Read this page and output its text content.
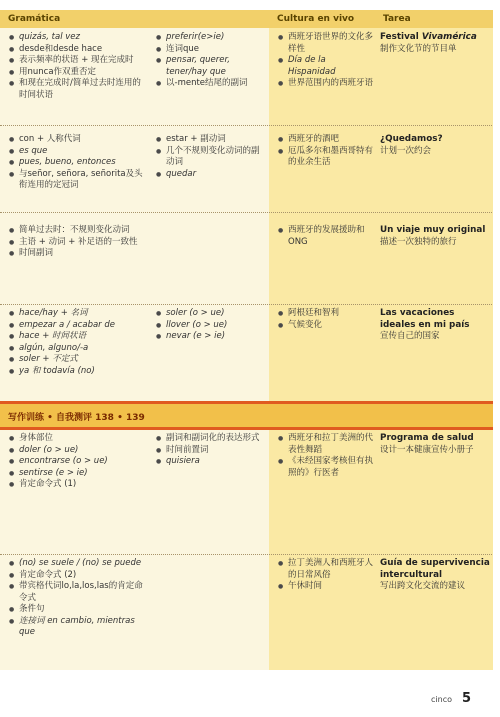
Gramática	Cultura en vivo	Tarea
● quizás, tal vez
● desde和desde hace
● 表示频率的状语 + 现在完成时
● 用nunca作双重否定
● 和现在完成时/简单过去时连用的时间状语
● preferir(e>ie)
● 连词que
● pensar, querer, tener/hay que
● 以-mente结尾的副词
● 西班牙语世界的文化多样性
● Día de la Hispanidad
● 世界范围内的西班牙语
Festival Vivamérica
制作文化节的节目单
● con + 人称代词
● es que
● pues, bueno, entonces
● 与señor, señora, señorita及头衔连用的定冠词
● estar + 副动词
● 几个不规则变化动词的副动词
● quedar
● 西班牙的酒吧
● 厄瓜多尔和墨西哥特有的业余生活
¿Quedamos?
计划一次约会
● 简单过去时：不规则变化动词
● 主语 + 动词 + 补足语的一致性
● 时间副词
● 西班牙的发展援助和ONG
Un viaje muy original
描述一次独特的旅行
● hace/hay + 名词
● empezar a / acabar de
● hace + 时间状语
● algún, alguno/-a
● soler + 不定式
● ya 和 todavía (no)
● soler (o > ue)
● llover (o > ue)
● nevar (e > ie)
● 阿根廷和智利
● 气候变化
Las vacaciones ideales en mi país
宣传自己的国家
写作训练 • 自我测评 138 • 139
● 身体部位
● doler (o > ue)
● encontrarse (o > ue)
● sentirse (e > ie)
● 肯定命令式 (1)
● 副词和副词化的表达形式
● 时间前置词
● quisiera
● 西班牙和拉丁美洲的代表性舞蹈
● 《未经国家考核但有执照的》行医者
Programa de salud
设计一本健康宣传小册子
● (no) se suele / (no) se puede
● 肯定命令式 (2)
● 带宾格代词lo,la,los,las的肯定命令式
● 条件句
● 连接词 en cambio, mientras que
● 拉丁美洲人和西班牙人的日常风俗
● 午休时间
Guía de supervivencia intercultural
写出跨文化交流的建议
cinco 5
